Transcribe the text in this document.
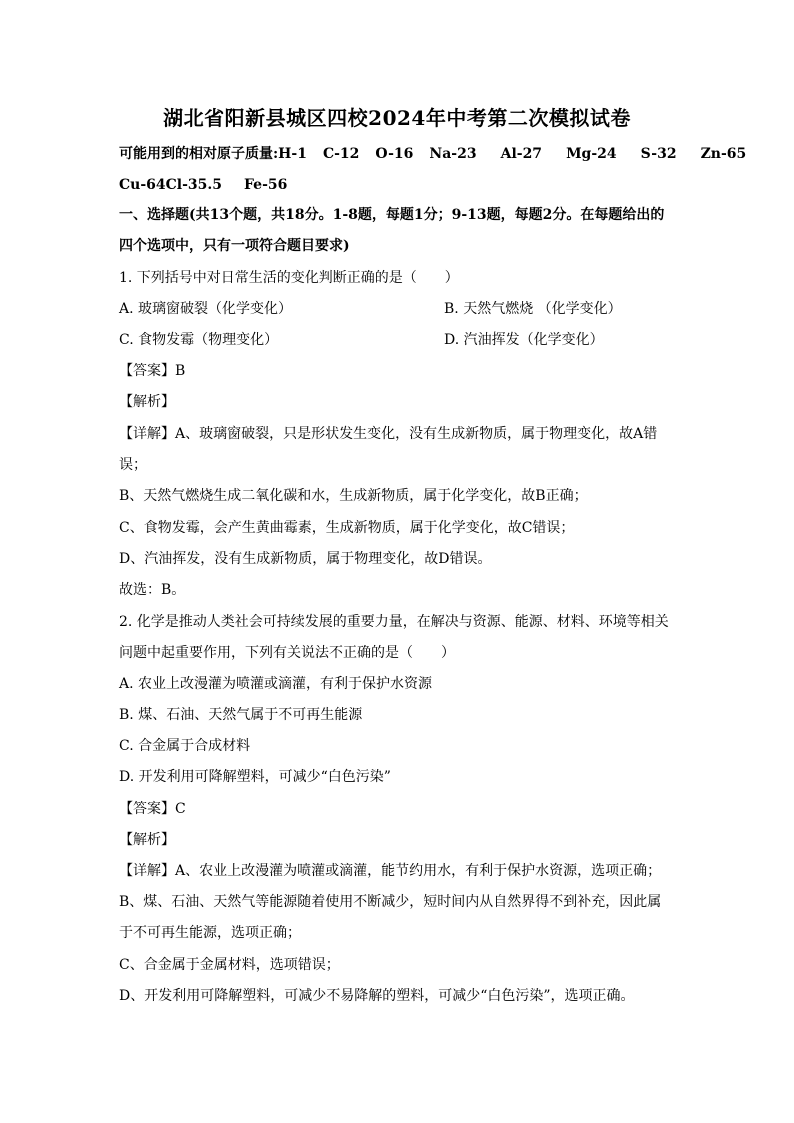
湖北省阳新县城区四校2024年中考第二次模拟试卷
可能用到的相对原子质量:H-1 C-12 O-16 Na-23 Al-27 Mg-24 S-32 Zn-65
Cu-64Cl-35.5 Fe-56
一、选择题(共13个题，共18分。1-8题，每题1分；9-13题，每题2分。在每题给出的
四个选项中，只有一项符合题目要求)
1. 下列括号中对日常生活的变化判断正确的是（　　）
A. 玻璃窗破裂（化学变化）	B. 天然气燃烧 （化学变化）
C. 食物发霉（物理变化）	D. 汽油挥发（化学变化）
【答案】B
【解析】
【详解】A、玻璃窗破裂，只是形状发生变化，没有生成新物质，属于物理变化，故A错
误；
B、天然气燃烧生成二氧化碳和水，生成新物质，属于化学变化，故B正确；
C、食物发霉，会产生黄曲霉素，生成新物质，属于化学变化，故C错误；
D、汽油挥发，没有生成新物质，属于物理变化，故D错误。
故选：B。
2. 化学是推动人类社会可持续发展的重要力量，在解决与资源、能源、材料、环境等相关
问题中起重要作用，下列有关说法不正确的是（　　）
A. 农业上改漫灌为喷灌或滴灌，有利于保护水资源
B. 煤、石油、天然气属于不可再生能源
C. 合金属于合成材料
D. 开发利用可降解塑料，可减少“白色污染”
【答案】C
【解析】
【详解】A、农业上改漫灌为喷灌或滴灌，能节约用水，有利于保护水资源，选项正确；
B、煤、石油、天然气等能源随着使用不断减少，短时间内从自然界得不到补充，因此属
于不可再生能源，选项正确；
C、合金属于金属材料，选项错误；
D、开发利用可降解塑料，可减少不易降解的塑料，可减少“白色污染”，选项正确。
